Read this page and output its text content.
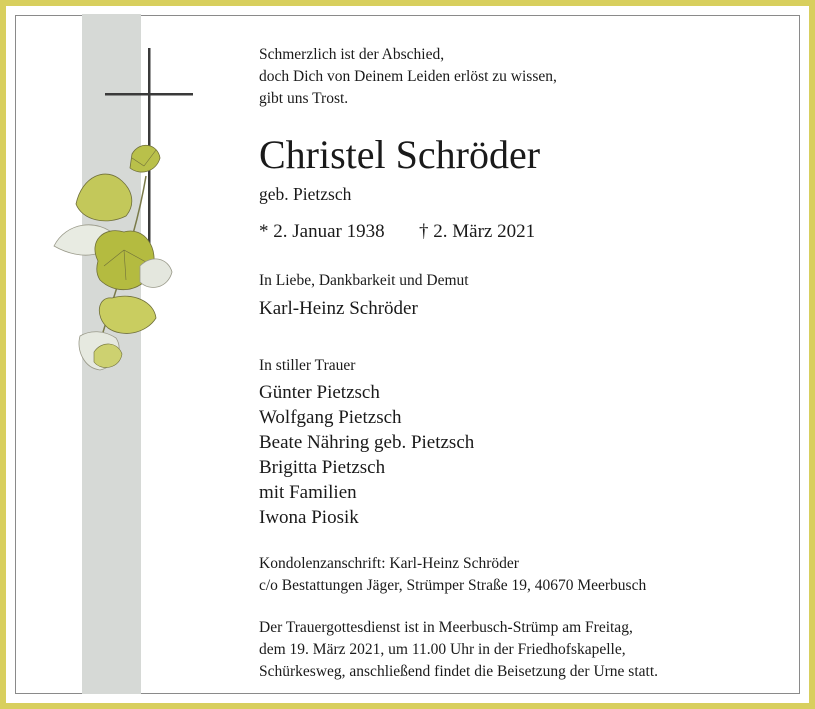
Schmerzlich ist der Abschied,
doch Dich von Deinem Leiden erlöst zu wissen,
gibt uns Trost.
Christel Schröder
geb. Pietzsch
* 2. Januar 1938 † 2. März 2021
In Liebe, Dankbarkeit und Demut
Karl-Heinz Schröder
In stiller Trauer
Günter Pietzsch
Wolfgang Pietzsch
Beate Nähring geb. Pietzsch
Brigitta Pietzsch
mit Familien
Iwona Piosik
Kondolenzanschrift: Karl-Heinz Schröder
c/o Bestattungen Jäger, Strümper Straße 19, 40670 Meerbusch
Der Trauergottesdienst ist in Meerbusch-Strümp am Freitag,
dem 19. März 2021, um 11.00 Uhr in der Friedhofskapelle,
Schürkesweg, anschließend findet die Beisetzung der Urne statt.
